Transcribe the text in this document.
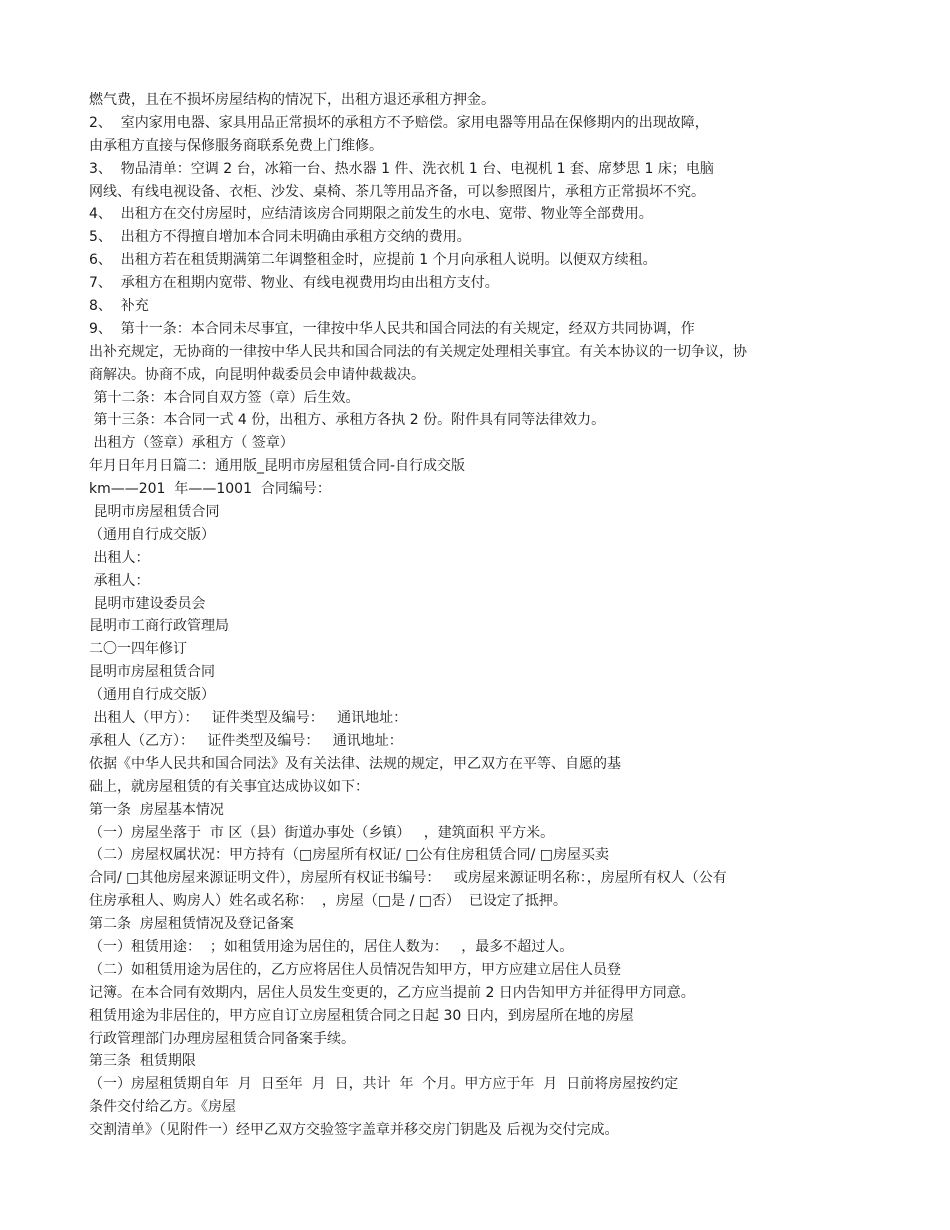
燃气费，且在不损坏房屋结构的情况下，出租方退还承租方押金。
2、  室内家用电器、家具用品正常损坏的承租方不予赔偿。家用电器等用品在保修期内的出现故障，
由承租方直接与保修服务商联系免费上门维修。
3、  物品清单：空调 2 台，冰箱一台、热水器 1 件、洗衣机 1 台、电视机 1 套、席梦思 1 床；电脑
网线、有线电视设备、衣柜、沙发、桌椅、茶几等用品齐备，可以参照图片，承租方正常损坏不究。
4、  出租方在交付房屋时，应结清该房合同期限之前发生的水电、宽带、物业等全部费用。
5、  出租方不得擅自增加本合同未明确由承租方交纳的费用。
6、  出租方若在租赁期满第二年调整租金时，应提前 1 个月向承租人说明。以便双方续租。
7、  承租方在租期内宽带、物业、有线电视费用均由出租方支付。
8、  补充
9、  第十一条：本合同未尽事宜，一律按中华人民共和国合同法的有关规定，经双方共同协调，作
出补充规定，无协商的一律按中华人民共和国合同法的有关规定处理相关事宜。有关本协议的一切争议，协
商解决。协商不成，向昆明仲裁委员会申请仲裁裁决。
第十二条：本合同自双方签（章）后生效。
第十三条：本合同一式 4 份，出租方、承租方各执 2 份。附件具有同等法律效力。
出租方（签章）承租方（ 签章）
年月日年月日篇二：通用版_昆明市房屋租赁合同-自行成交版
km——201  年——1001  合同编号：
昆明市房屋租赁合同
（通用自行成交版）
出租人：
承租人：
昆明市建设委员会
昆明市工商行政管理局
二〇一四年修订
昆明市房屋租赁合同
（通用自行成交版）
出租人（甲方）：   证件类型及编号：   通讯地址：
承租人（乙方）：   证件类型及编号：   通讯地址：
依据《中华人民共和国合同法》及有关法律、法规的规定，甲乙双方在平等、自愿的基
础上，就房屋租赁的有关事宜达成协议如下：
第一条  房屋基本情况
（一）房屋坐落于  市 区（县）街道办事处（乡镇）   ，建筑面积 平方米。
（二）房屋权属状况：甲方持有（□房屋所有权证/ □公有住房租赁合同/ □房屋买卖
合同/ □其他房屋来源证明文件），房屋所有权证书编号：   或房屋来源证明名称：，房屋所有权人（公有
住房承租人、购房人）姓名或名称：  ，房屋（□是 / □否）  已设定了抵押。
第二条  房屋租赁情况及登记备案
（一）租赁用途：  ；如租赁用途为居住的，居住人数为：   ，最多不超过人。
（二）如租赁用途为居住的，乙方应将居住人员情况告知甲方，甲方应建立居住人员登
记簿。在本合同有效期内，居住人员发生变更的，乙方应当提前 2 日内告知甲方并征得甲方同意。
租赁用途为非居住的，甲方应自订立房屋租赁合同之日起 30 日内，到房屋所在地的房屋
行政管理部门办理房屋租赁合同备案手续。
第三条  租赁期限
（一）房屋租赁期自年  月  日至年  月  日，共计  年  个月。甲方应于年  月  日前将房屋按约定
条件交付给乙方。《房屋
交割清单》（见附件一）经甲乙双方交验签字盖章并移交房门钥匙及 后视为交付完成。
